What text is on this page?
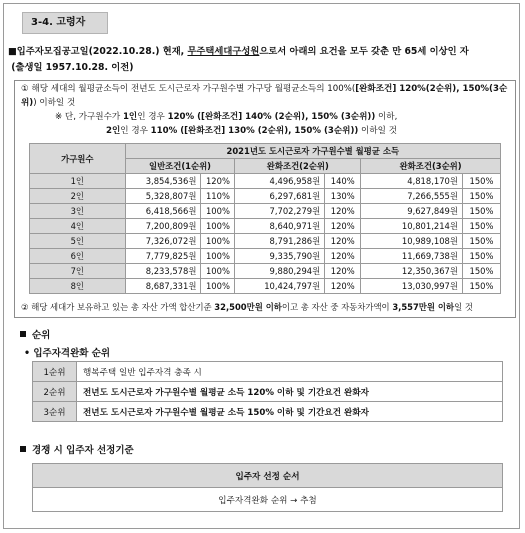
3-4. 고령자
■입주자모집공고일(2022.10.28.) 현재, 무주택세대구성원으로서 아래의 요건을 모두 갖춘 만 65세 이상인 자
(출생일 1957.10.28. 이전)
① 해당 세대의 월평균소득이 전년도 도시근로자 가구원수별 가구당 월평균소득의 100%([완화조건] 120%(2순위), 150%(3순위)) 이하일 것
※ 단, 가구원수가 1인인 경우 120% ([완화조건] 140% (2순위), 150% (3순위)) 이하,
2인인 경우 110% ([완화조건] 130% (2순위), 150% (3순위)) 이하일 것
가구원수	2021년도 도시근로자 가구원수별 월평균 소득					
	일반조건(1순위)		완화조건(2순위)		완화조건(3순위)	
1인	3,854,536원	120%	4,496,958원	140%	4,818,170원	150%
2인	5,328,807원	110%	6,297,681원	130%	7,266,555원	150%
3인	6,418,566원	100%	7,702,279원	120%	9,627,849원	150%
4인	7,200,809원	100%	8,640,971원	120%	10,801,214원	150%
5인	7,326,072원	100%	8,791,286원	120%	10,989,108원	150%
6인	7,779,825원	100%	9,335,790원	120%	11,669,738원	150%
7인	8,233,578원	100%	9,880,294원	120%	12,350,367원	150%
8인	8,687,331원	100%	10,424,797원	120%	13,030,997원	150%
② 해당 세대가 보유하고 있는 총 자산 가액 합산기준 32,500만원 이하이고 총 자산 중 자동차가액이 3,557만원 이하일 것
순위
• 입주자격완화 순위
1순위	행복주택 일반 입주자격 충족 시
2순위	전년도 도시근로자 가구원수별 월평균 소득 120% 이하 및 기간요건 완화자
3순위	전년도 도시근로자 가구원수별 월평균 소득 150% 이하 및 기간요건 완화자
경쟁 시 입주자 선정기준
입주자 선정 순서
입주자격완화 순위 → 추첨
